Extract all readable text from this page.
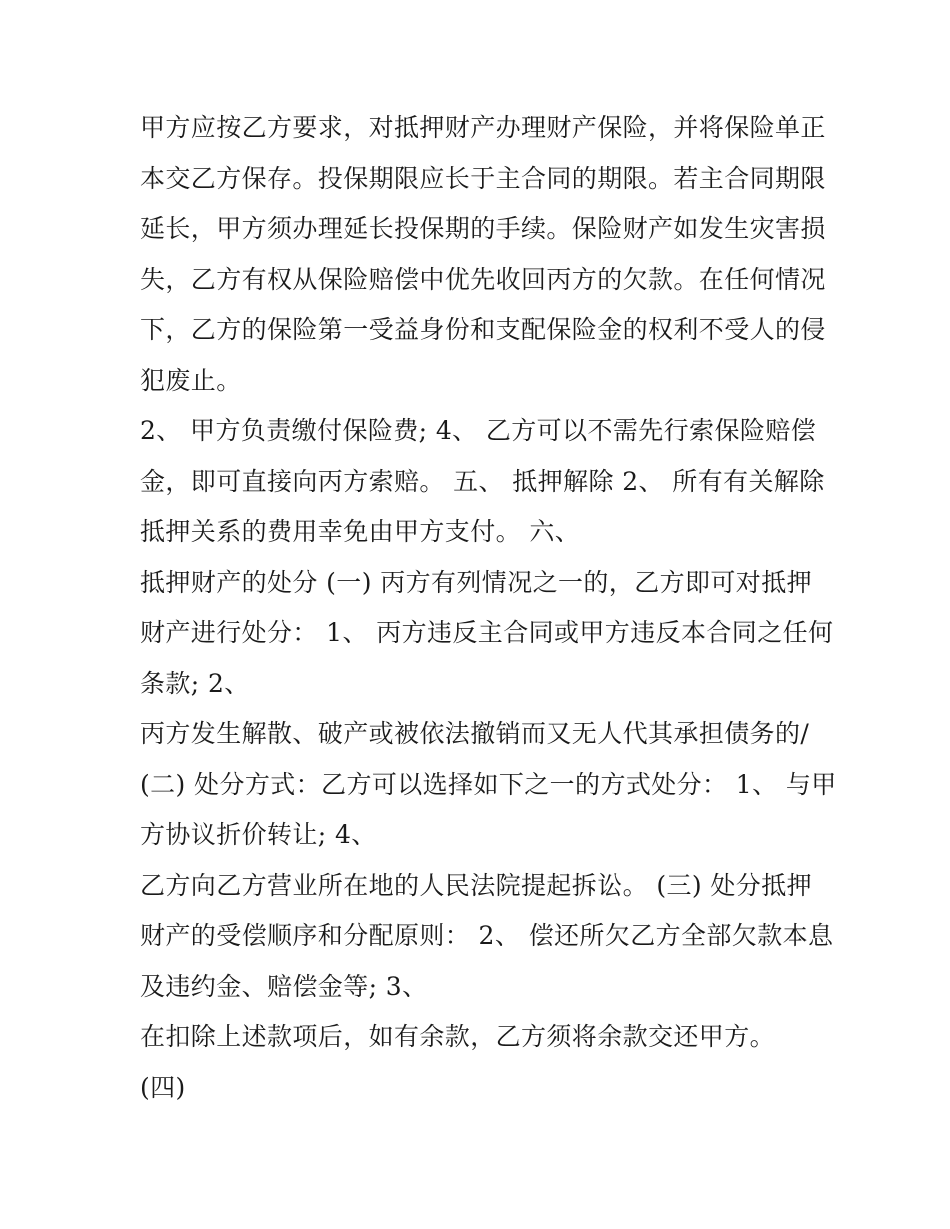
甲方应按乙方要求，对抵押财产办理财产保险，并将保险单正
本交乙方保存。投保期限应长于主合同的期限。若主合同期限
延长，甲方须办理延长投保期的手续。保险财产如发生灾害损
失，乙方有权从保险赔偿中优先收回丙方的欠款。在任何情况
下，乙方的保险第一受益身份和支配保险金的权利不受人的侵
犯废止。
2、 甲方负责缴付保险费; 4、 乙方可以不需先行索保险赔偿
金，即可直接向丙方索赔。 五、 抵押解除 2、 所有有关解除
抵押关系的费用幸免由甲方支付。 六、
抵押财产的处分 (一) 丙方有列情况之一的，乙方即可对抵押
财产进行处分： 1、 丙方违反主合同或甲方违反本合同之任何
条款; 2、
丙方发生解散、破产或被依法撤销而又无人代其承担债务的/
(二) 处分方式：乙方可以选择如下之一的方式处分： 1、 与甲
方协议折价转让; 4、
乙方向乙方营业所在地的人民法院提起拆讼。 (三) 处分抵押
财产的受偿顺序和分配原则： 2、 偿还所欠乙方全部欠款本息
及违约金、赔偿金等; 3、
在扣除上述款项后，如有余款，乙方须将余款交还甲方。
(四)
